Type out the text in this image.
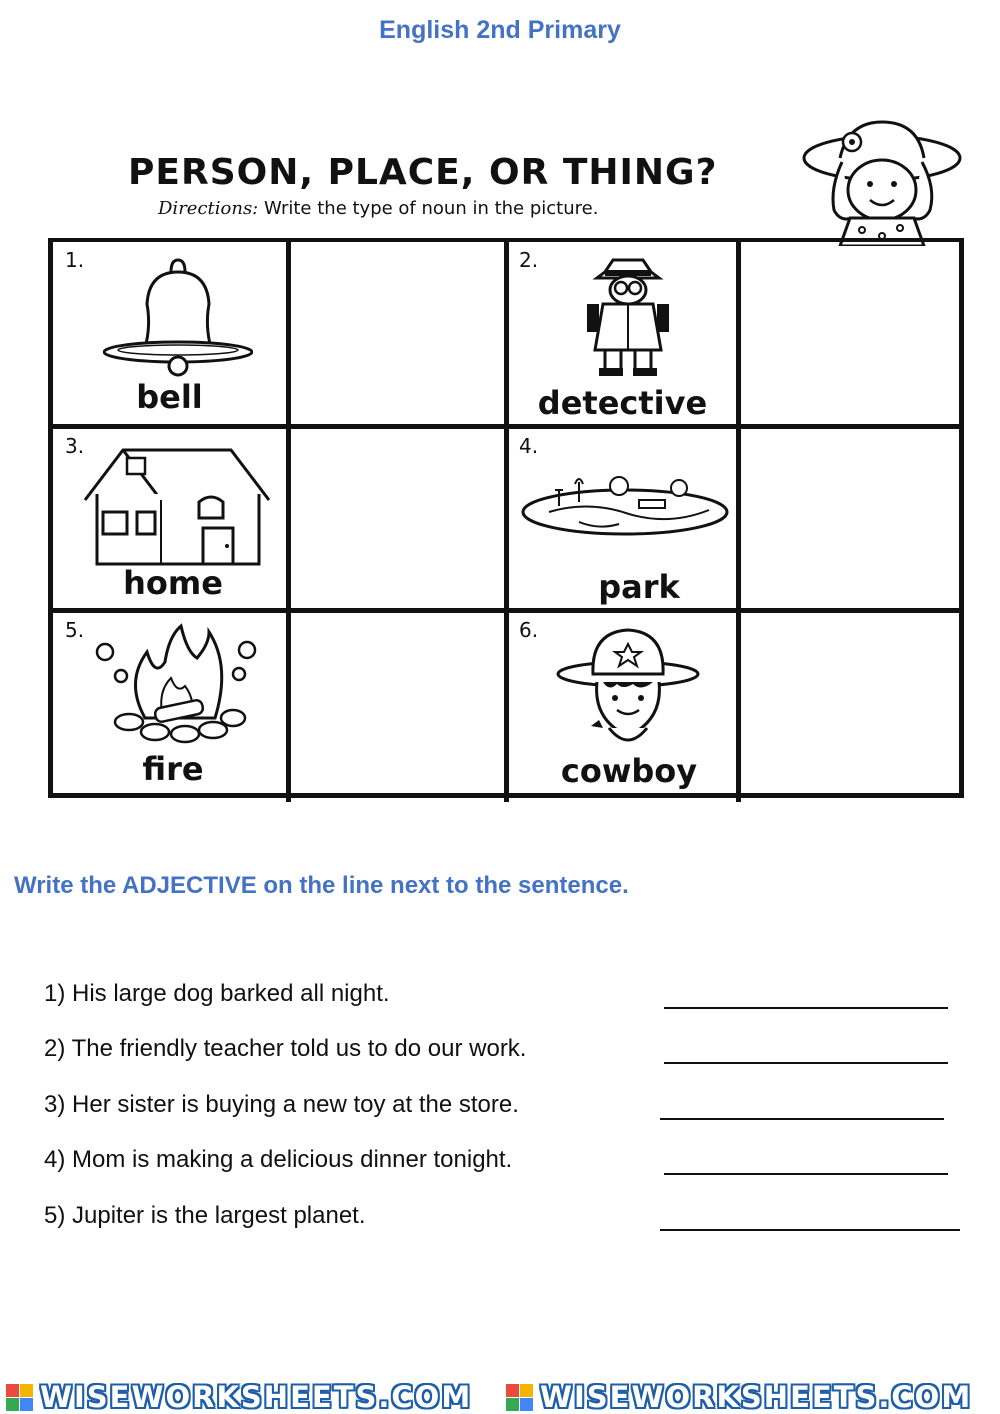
English 2nd Primary
PERSON, PLACE, OR THING?
Directions: Write the type of noun in the picture.
1.
bell
2.
detective
3.
home
4.
park
5.
fire
6.
cowboy
Write the ADJECTIVE on the line next to the sentence.
1) His large dog barked all night.
2) The friendly teacher told us to do our work.
3) Her sister is buying a new toy at the store.
4) Mom is making a delicious dinner tonight.
5) Jupiter is the largest planet.
WISEWORKSHEETS.COM WISEWORKSHEETS.COM
